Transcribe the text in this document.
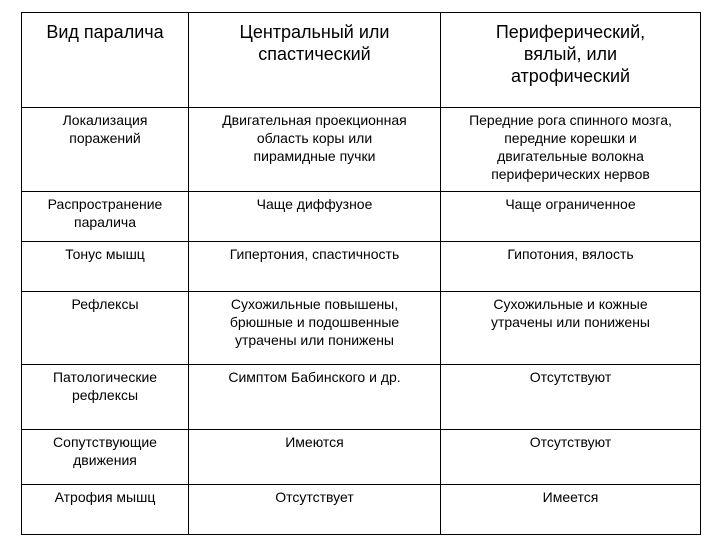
Вид паралича	Центральный или
спастический	Периферический,
вялый, или
атрофический
Локализация
поражений	Двигательная проекционная
область коры или
пирамидные пучки	Передние рога спинного мозга,
передние корешки и
двигательные волокна
периферических нервов
Распространение
паралича	Чаще диффузное	Чаще ограниченное
Тонус мышц	Гипертония, спастичность	Гипотония, вялость
Рефлексы	Сухожильные повышены,
брюшные и подошвенные
утрачены или понижены	Сухожильные и кожные
утрачены или понижены
Патологические
рефлексы	Симптом Бабинского и др.	Отсутствуют
Сопутствующие
движения	Имеются	Отсутствуют
Атрофия мышц	Отсутствует	Имеется
